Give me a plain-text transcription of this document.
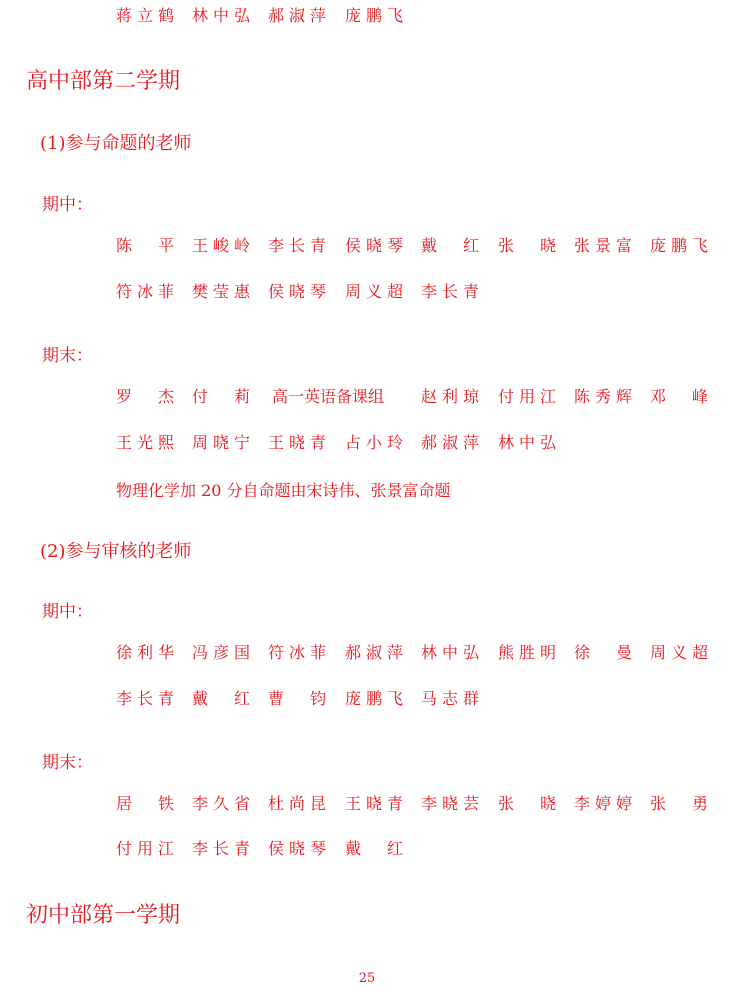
蒋立鹤 林中弘 郝淑萍 庞鹏飞
高中部第二学期
(1)参与命题的老师
期中：
陈平 王峻岭 李长青 侯晓琴 戴红 张晓 张景富 庞鹏飞
符冰菲 樊莹惠 侯晓琴 周义超 李长青
期末：
罗杰 付莉 高一英语备课组	赵利琼 付用江 陈秀辉 邓峰
王光熙 周晓宁 王晓青 占小玲 郝淑萍 林中弘
物理化学加 20 分自命题由宋诗伟、张景富命题
(2)参与审核的老师
期中：
徐利华 冯彦国 符冰菲 郝淑萍 林中弘 熊胜明 徐曼 周义超
李长青 戴红 曹钧 庞鹏飞 马志群
期末：
居铁 李久省 杜尚昆 王晓青 李晓芸 张晓 李婷婷 张勇
付用江 李长青 侯晓琴 戴红
初中部第一学期
25
